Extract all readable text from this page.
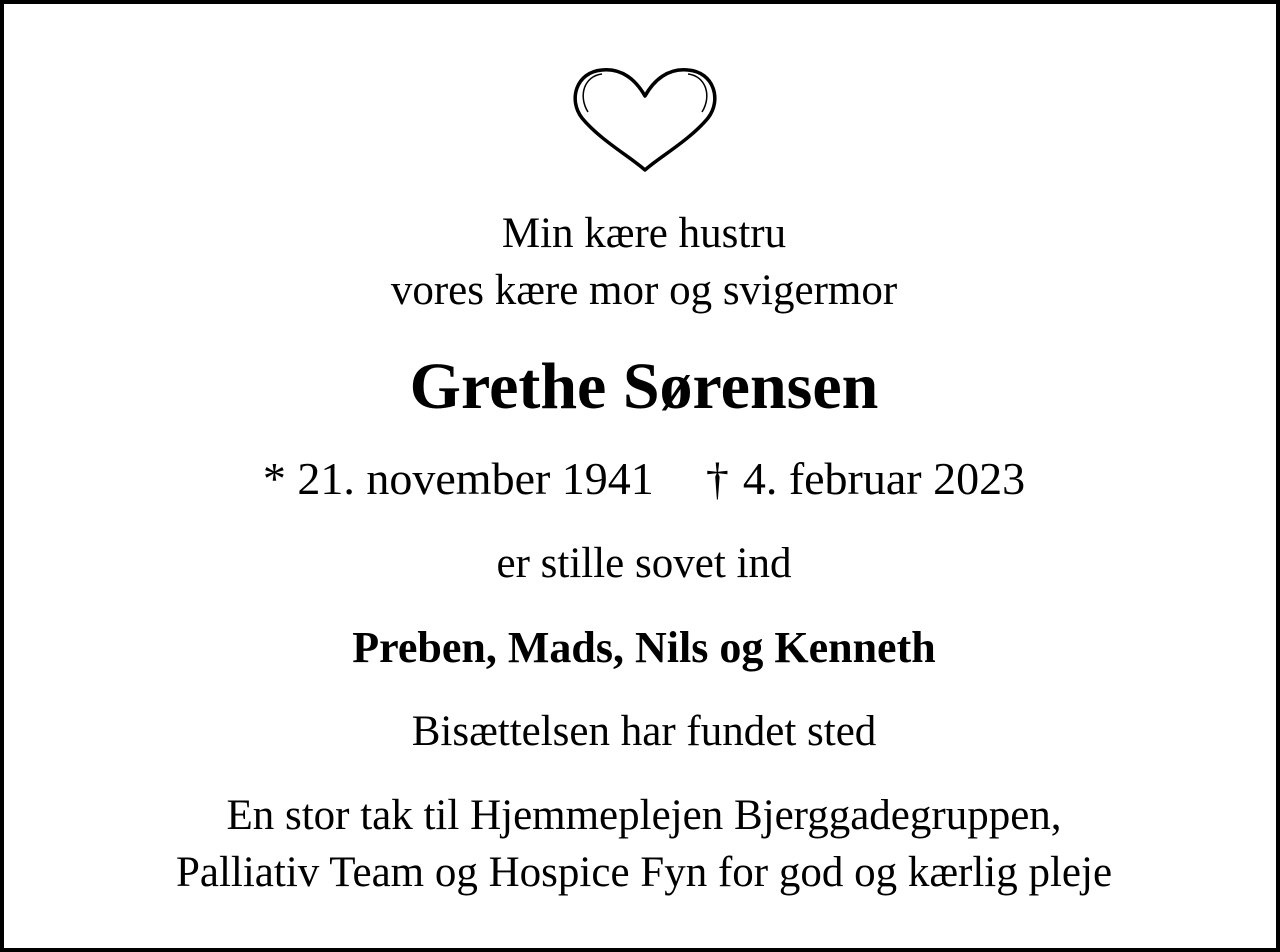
Min kære hustru
vores kære mor og svigermor
Grethe Sørensen
* 21. november 1941 † 4. februar 2023
er stille sovet ind
Preben, Mads, Nils og Kenneth
Bisættelsen har fundet sted
En stor tak til Hjemmeplejen Bjerggadegruppen,
Palliativ Team og Hospice Fyn for god og kærlig pleje
